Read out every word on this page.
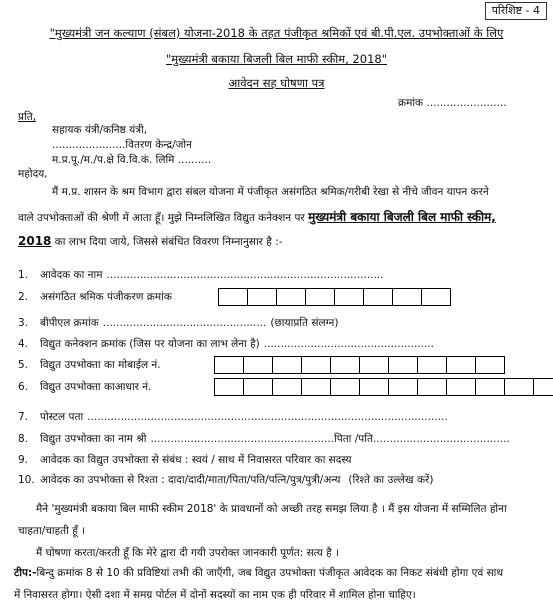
परिशिष्ट - 4
"मुख्यमंत्री जन कल्याण (संबल) योजना-2018 के तहत पंजीकृत श्रमिकों एवं बी.पी.एल. उपभोक्ताओं के लिए
"मुख्यमंत्री बकाया बिजली बिल माफी स्कीम, 2018"
आवेदन सह घोषणा पत्र
क्रमांक ........................
प्रति,
सहायक यंत्री/कनिष्ठ यंत्री,
......................वितरण केन्द्र/जोन
म.प्र.पू./म./प.क्षे वि.वि.कं. लिमि ..........
महोदय,
मैं म.प्र. शासन के श्रम विभाग द्वारा संबल योजना में पंजीकृत असंगठित श्रमिक/गरीबी रेखा से नीचे जीवन यापन करने
वाले उपभोक्ताओं की श्रेणी में आता हूँ। मुझे निम्नलिखित विद्युत कनेक्शन पर मुख्यमंत्री बकाया बिजली बिल माफी स्कीम,
2018 का लाभ दिया जाये, जिससे संबंधित विवरण निम्नानुसार है :-
1.	आवेदक का नाम ...................................................................................
2.	असंगठित श्रमिक पंजीकरण क्रमांक
3.	बीपीएल क्रमांक ................................................. (छायाप्रति संलग्न)
4.	विद्युत कनेक्शन क्रमांक (जिस पर योजना का लाभ लेना है) ...................................................
5.	विद्युत उपभोक्ता का मोबाईल नं.
6.	विद्युत उपभोक्ता काआधार नं.
7.	पोस्टल पता ............................................................................................................
8.	विद्युत उपभोक्ता का नाम श्री ....................................................... पिता /पति. ........................................
9.	आवेदक का विद्युत उपभोक्ता से संबंध : स्वयं / साथ में निवासरत परिवार का सदस्य
10. आवेदक का उपभोक्ता से रिश्ता : दादा/दादी/माता/पिता/पति/पत्नि/पुत्र/पुत्री/अन्य (रिश्ते का उल्लेख करें)
मैने 'मुख्यमंत्री बकाया बिल माफी स्कीम 2018' के प्रावधानों को अच्छी तरह समझ लिया है । मैं इस योजना में सम्मिलित होना
चाहता/चाहती हूँ ।
मैं घोषणा करता/करती हूँ कि मेरे द्वारा दी गयी उपरोक्त जानकारी पूर्णत: सत्य है ।
टीप:-बिन्दु क्रमांक 8 से 10 की प्रविष्टियां तभी की जाएँगी, जब विद्युत उपभोक्ता पंजीकृत आवेदक का निकट संबंधी होगा एवं साथ
में निवासरत होगा। ऐसी दशा में समग्र पोर्टल में दोनों सदस्यों का नाम एक ही परिवार में शामिल होना चाहिए।
